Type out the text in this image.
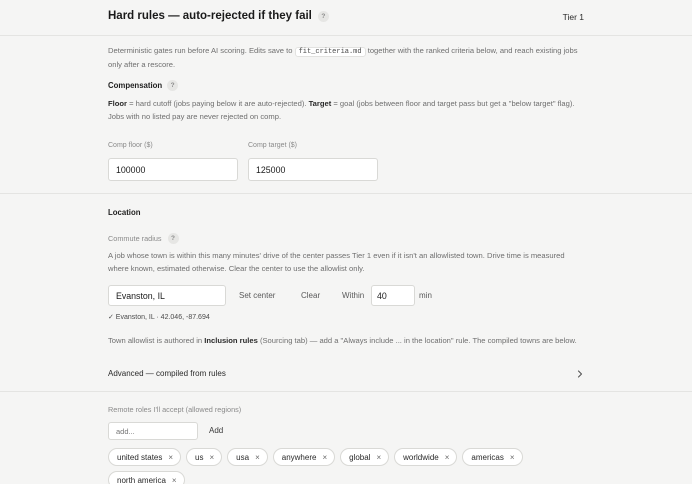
Hard rules — auto-rejected if they fail	?	Tier 1
Deterministic gates run before AI scoring. Edits save to fit_criteria.md together with the ranked criteria below, and reach existing jobs only after a rescore.
Compensation	?
Floor = hard cutoff (jobs paying below it are auto-rejected). Target = goal (jobs between floor and target pass but get a "below target" flag). Jobs with no listed pay are never rejected on comp.
Comp floor ($)
100000
Comp target ($)
125000
Location
Commute radius	?
A job whose town is within this many minutes' drive of the center passes Tier 1 even if it isn't an allowlisted town. Drive time is measured where known, estimated otherwise. Clear the center to use the allowlist only.
Evanston, IL	Set center	Clear	Within	40	min
✓ Evanston, IL · 42.046, -87.694
Town allowlist is authored in Inclusion rules (Sourcing tab) — add a "Always include ... in the location" rule. The compiled towns are below.
Advanced — compiled from rules
Remote roles I'll accept (allowed regions)
add...
Add
united states ×	us ×	usa ×	anywhere ×	global ×	worldwide ×	americas ×
north america ×
